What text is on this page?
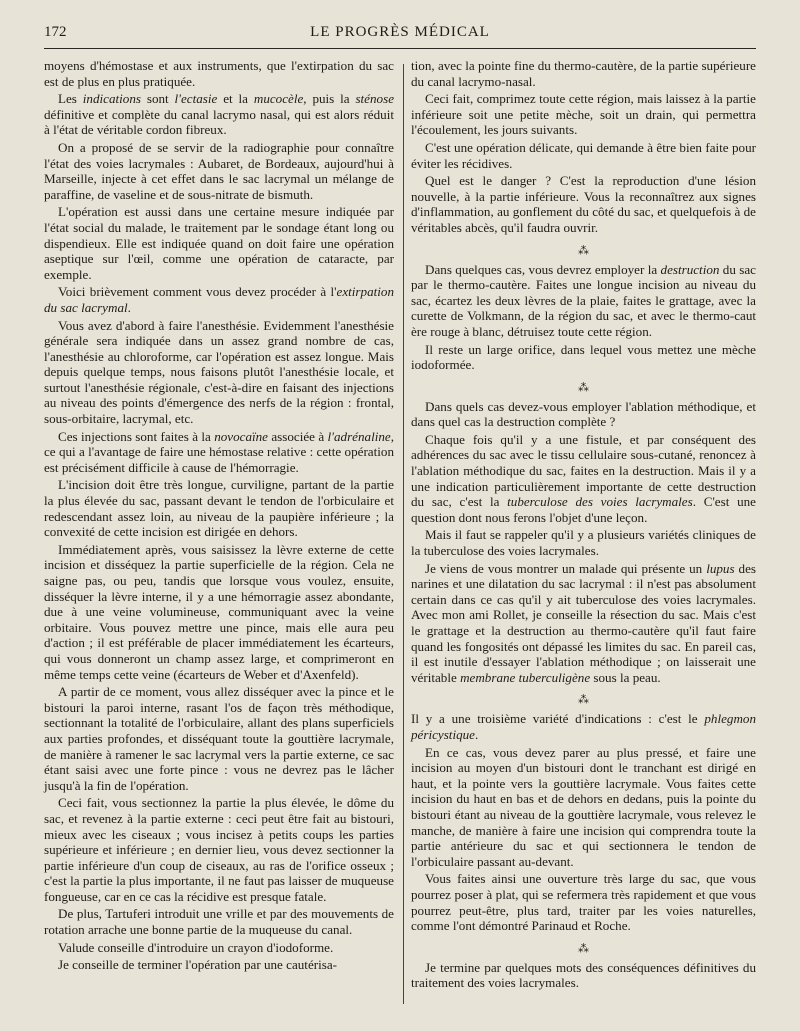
172	LE PROGRÈS MÉDICAL

moyens d'hémostase et aux instruments, que l'extirpation du sac est de plus en plus pratiquée.

Les indications sont l'ectasie et la mucocèle, puis la sténose définitive et complète du canal lacrymo nasal, qui est alors réduit à l'état de véritable cordon fibreux.

On a proposé de se servir de la radiographie pour connaître l'état des voies lacrymales : Aubaret, de Bordeaux, aujourd'hui à Marseille, injecte à cet effet dans le sac lacrymal un mélange de paraffine, de vaseline et de sous-nitrate de bismuth.

L'opération est aussi dans une certaine mesure indiquée par l'état social du malade, le traitement par le sondage étant long ou dispendieux. Elle est indiquée quand on doit faire une opération aseptique sur l'œil, comme une opération de cataracte, par exemple.

Voici brièvement comment vous devez procéder à l'extirpation du sac lacrymal.

Vous avez d'abord à faire l'anesthésie. Evidemment l'anesthésie générale sera indiquée dans un assez grand nombre de cas, l'anesthésie au chloroforme, car l'opération est assez longue. Mais depuis quelque temps, nous faisons plutôt l'anesthésie locale, et surtout l'anesthésie régionale, c'est-à-dire en faisant des injections au niveau des points d'émergence des nerfs de la région : frontal, sous-orbitaire, lacrymal, etc.

Ces injections sont faites à la novocaïne associée à l'adrénaline, ce qui a l'avantage de faire une hémostase relative : cette opération est précisément difficile à cause de l'hémorragie.

L'incision doit être très longue, curviligne, partant de la partie la plus élevée du sac, passant devant le tendon de l'orbiculaire et redescendant assez loin, au niveau de la paupière inférieure ; la convexité de cette incision est dirigée en dehors.

Immédiatement après, vous saisissez la lèvre externe de cette incision et disséquez la partie superficielle de la région. Cela ne saigne pas, ou peu, tandis que lorsque vous voulez, ensuite, disséquer la lèvre interne, il y a une hémorragie assez abondante, due à une veine volumineuse, communiquant avec la veine orbitaire. Vous pouvez mettre une pince, mais elle aura peu d'action ; il est préférable de placer immédiatement les écarteurs, qui vous donneront un champ assez large, et comprimeront en même temps cette veine (écarteurs de Weber et d'Axenfeld).

A partir de ce moment, vous allez disséquer avec la pince et le bistouri la paroi interne, rasant l'os de façon très méthodique, sectionnant la totalité de l'orbiculaire, allant des plans superficiels aux parties profondes, et disséquant toute la gouttière lacrymale, de manière à ramener le sac lacrymal vers la partie externe, ce sac étant saisi avec une forte pince : vous ne devrez pas le lâcher jusqu'à la fin de l'opération.

Ceci fait, vous sectionnez la partie la plus élevée, le dôme du sac, et revenez à la partie externe : ceci peut être fait au bistouri, mieux avec les ciseaux ; vous incisez à petits coups les parties supérieure et inférieure ; en dernier lieu, vous devez sectionner la partie inférieure d'un coup de ciseaux, au ras de l'orifice osseux ; c'est la partie la plus importante, il ne faut pas laisser de muqueuse fongueuse, car en ce cas la récidive est presque fatale.

De plus, Tartuferi introduit une vrille et par des mouvements de rotation arrache une bonne partie de la muqueuse du canal.

Valude conseille d'introduire un crayon d'iodoforme.

Je conseille de terminer l'opération par une cautérisa-

tion, avec la pointe fine du thermo-cautère, de la partie supérieure du canal lacrymo-nasal.

Ceci fait, comprimez toute cette région, mais laissez à la partie inférieure soit une petite mèche, soit un drain, qui permettra l'écoulement, les jours suivants.

C'est une opération délicate, qui demande à être bien faite pour éviter les récidives.

Quel est le danger ? C'est la reproduction d'une lésion nouvelle, à la partie inférieure. Vous la reconnaîtrez aux signes d'inflammation, au gonflement du côté du sac, et quelquefois à de véritables abcès, qu'il faudra ouvrir.

⁂

Dans quelques cas, vous devrez employer la destruction du sac par le thermo-cautère. Faites une longue incision au niveau du sac, écartez les deux lèvres de la plaie, faites le grattage, avec la curette de Volkmann, de la région du sac, et avec le thermo-caut ère rouge à blanc, détruisez toute cette région.

Il reste un large orifice, dans lequel vous mettez une mèche iodoformée.

⁂

Dans quels cas devez-vous employer l'ablation méthodique, et dans quel cas la destruction complète ?

Chaque fois qu'il y a une fistule, et par conséquent des adhérences du sac avec le tissu cellulaire sous-cutané, renoncez à l'ablation méthodique du sac, faites en la destruction. Mais il y a une indication particulièrement importante de cette destruction du sac, c'est la tuberculose des voies lacrymales. C'est une question dont nous ferons l'objet d'une leçon.

Mais il faut se rappeler qu'il y a plusieurs variétés cliniques de la tuberculose des voies lacrymales.

Je viens de vous montrer un malade qui présente un lupus des narines et une dilatation du sac lacrymal : il n'est pas absolument certain dans ce cas qu'il y ait tuberculose des voies lacrymales. Avec mon ami Rollet, je conseille la résection du sac. Mais c'est le grattage et la destruction au thermo-cautère qu'il faut faire quand les fongosités ont dépassé les limites du sac. En pareil cas, il est inutile d'essayer l'ablation méthodique ; on laisserait une véritable membrane tuberculigène sous la peau.

⁂

Il y a une troisième variété d'indications : c'est le phlegmon péricystique.

En ce cas, vous devez parer au plus pressé, et faire une incision au moyen d'un bistouri dont le tranchant est dirigé en haut, et la pointe vers la gouttière lacrymale. Vous faites cette incision du haut en bas et de dehors en dedans, puis la pointe du bistouri étant au niveau de la gouttière lacrymale, vous relevez le manche, de manière à faire une incision qui comprendra toute la partie antérieure du sac et qui sectionnera le tendon de l'orbiculaire passant au-devant.

Vous faites ainsi une ouverture très large du sac, que vous pourrez poser à plat, qui se refermera très rapidement et que vous pourrez peut-être, plus tard, traiter par les voies naturelles, comme l'ont démontré Parinaud et Roche.

⁂

Je termine par quelques mots des conséquences définitives du traitement des voies lacrymales.
